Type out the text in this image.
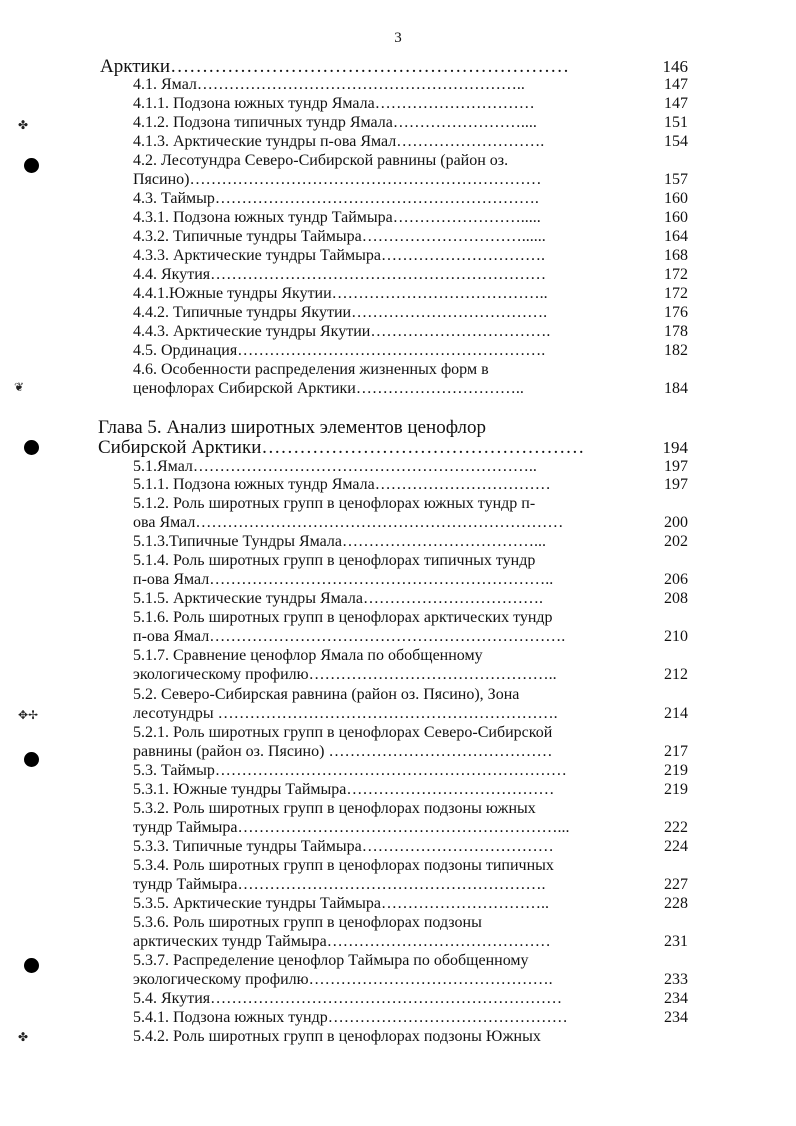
3
Арктики………………………………………………………	146
4.1. Ямал……………………………………………………..	147
4.1.1. Подзона южных тундр Ямала…………………………	147
4.1.2. Подзона типичных тундр Ямала……………………....	151
4.1.3. Арктические тундры п-ова Ямал……………………….	154
4.2. Лесотундра Северо-Сибирской равнины (район оз.
Пясино)…………………………………………………………	157
4.3. Таймыр…………………………………………………….	160
4.3.1. Подзона южных тундр Таймыра…………………….....	160
4.3.2. Типичные тундры Таймыра…………………………......	164
4.3.3. Арктические тундры Таймыра………………………….	168
4.4. Якутия………………………………………………………	172
4.4.1.Южные тундры Якутии…………………………………..	172
4.4.2. Типичные тундры Якутии……………………………….	176
4.4.3. Арктические тундры Якутии…………………………….	178
4.5. Ординация………………………………………………….	182
4.6. Особенности распределения жизненных форм в
ценофлорах Сибирской Арктики…………………………..	184
Глава 5. Анализ широтных элементов ценофлор
Сибирской Арктики……………………………………………	194
5.1.Ямал………………………………………………………..	197
5.1.1. Подзона южных тундр Ямала……………………………	197
5.1.2. Роль широтных групп в ценофлорах южных тундр п-
ова Ямал……………………………………………………………	200
5.1.3.Типичные Тундры Ямала………………………………...	202
5.1.4. Роль широтных групп в ценофлорах типичных тундр
п-ова Ямал………………………………………………………..	206
5.1.5. Арктические тундры Ямала…………………………….	208
5.1.6. Роль широтных групп в ценофлорах арктических тундр
п-ова Ямал………………………………………………………….	210
5.1.7. Сравнение ценофлор Ямала по обобщенному
экологическому профилю………………………………………..	212
5.2. Северо-Сибирская равнина (район оз. Пясино), Зона
лесотундры ……………………………………………………….	214
5.2.1. Роль широтных групп в ценофлорах Северо-Сибирской
равнины (район оз. Пясино) ……………………………………	217
5.3. Таймыр…………………………………………………………	219
5.3.1. Южные тундры Таймыра…………………………………	219
5.3.2. Роль широтных групп в ценофлорах подзоны южных
тундр Таймыра……………………………………………………...	222
5.3.3. Типичные тундры Таймыра………………………………	224
5.3.4. Роль широтных групп в ценофлорах подзоны типичных
тундр Таймыра………………………………………………….	227
5.3.5. Арктические тундры Таймыра…………………………..	228
5.3.6. Роль широтных групп в ценофлорах подзоны
арктических тундр Таймыра……………………………………	231
5.3.7. Распределение ценофлор Таймыра по обобщенному
экологическому профилю……………………………………….	233
5.4. Якутия…………………………………………………………	234
5.4.1. Подзона южных тундр………………………………………	234
5.4.2. Роль широтных групп в ценофлорах подзоны Южных
✤
❦
✥✢
✤
